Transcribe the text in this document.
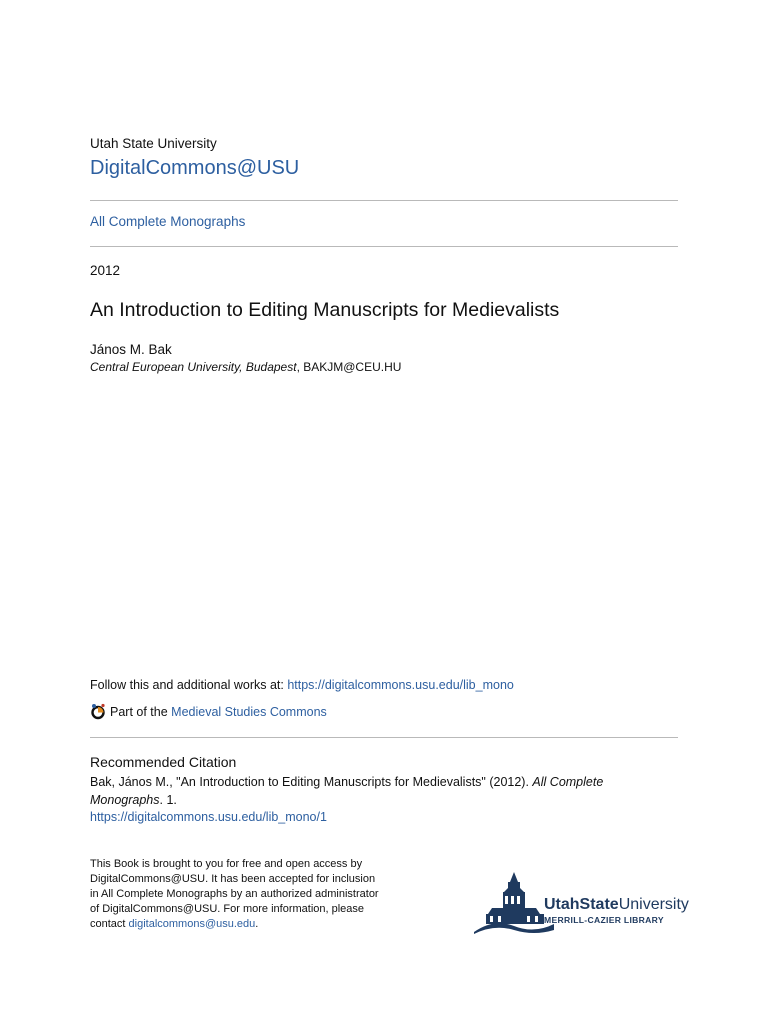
Utah State University
DigitalCommons@USU
All Complete Monographs
2012
An Introduction to Editing Manuscripts for Medievalists
János M. Bak
Central European University, Budapest, BAKJM@CEU.HU
Follow this and additional works at: https://digitalcommons.usu.edu/lib_mono
Part of the Medieval Studies Commons
Recommended Citation
Bak, János M., "An Introduction to Editing Manuscripts for Medievalists" (2012). All Complete Monographs. 1.
https://digitalcommons.usu.edu/lib_mono/1
This Book is brought to you for free and open access by DigitalCommons@USU. It has been accepted for inclusion in All Complete Monographs by an authorized administrator of DigitalCommons@USU. For more information, please contact digitalcommons@usu.edu.
UtahStateUniversity
MERRILL-CAZIER LIBRARY
